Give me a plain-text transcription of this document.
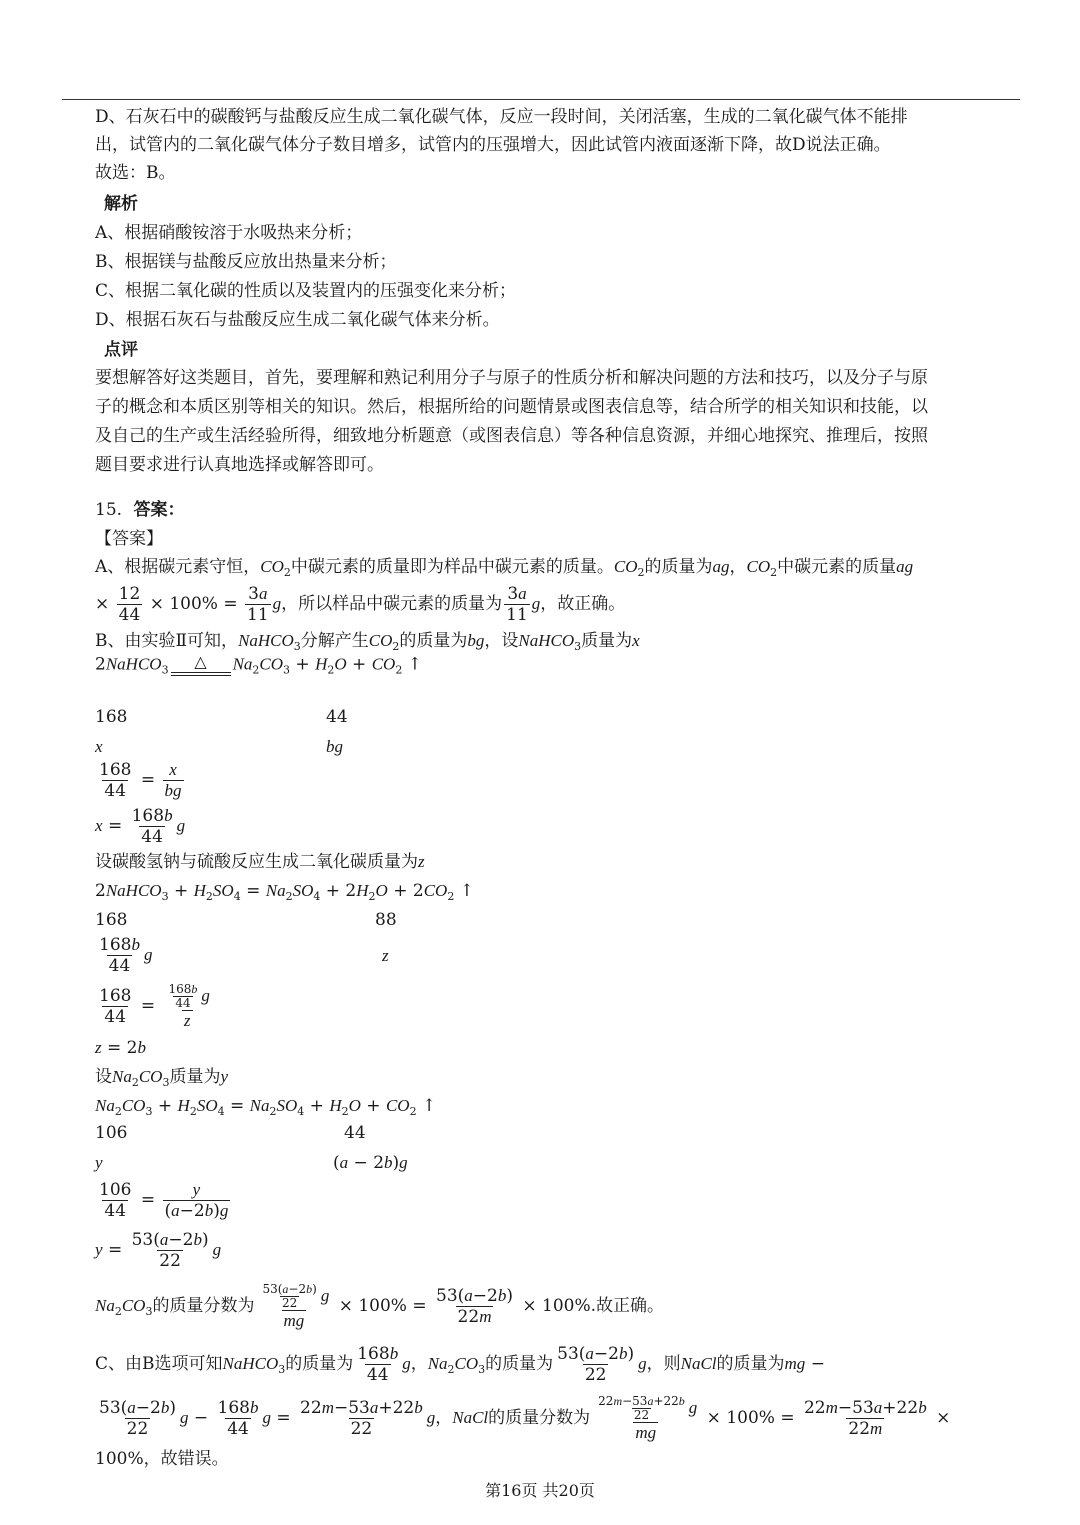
D、石灰石中的碳酸钙与盐酸反应生成二氧化碳气体，反应一段时间，关闭活塞，生成的二氧化碳气体不能排
出，试管内的二氧化碳气体分子数目增多，试管内的压强增大，因此试管内液面逐渐下降，故D说法正确。
故选：B。
解析
A、根据硝酸铵溶于水吸热来分析；
B、根据镁与盐酸反应放出热量来分析；
C、根据二氧化碳的性质以及装置内的压强变化来分析；
D、根据石灰石与盐酸反应生成二氧化碳气体来分析。
点评
要想解答好这类题目，首先，要理解和熟记利用分子与原子的性质分析和解决问题的方法和技巧，以及分子与原
子的概念和本质区别等相关的知识。然后，根据所给的问题情景或图表信息等，结合所学的相关知识和技能，以
及自己的生产或生活经验所得，细致地分析题意（或图表信息）等各种信息资源，并细心地探究、推理后，按照
题目要求进行认真地选择或解答即可。
15. 答案：
【答案】
A、根据碳元素守恒，$CO_2$中碳元素的质量即为样品中碳元素的质量。$CO_2$的质量为ag，$CO_2$中碳元素的质量ag
× $\frac{12}{44} \times 100\% = \frac{3a}{11}$ g，所以样品中碳元素的质量为 $\frac{3a}{11}$ g，故正确。
B、由实验Ⅱ可知，NaHCO$_3$分解产生$CO_2$的质量为bg，设NaHCO$_3$质量为x
2NaHCO$_3$ △ $Na_2CO_3 + H_2O + CO_2$ ↑
168	44
x	bg
$\frac{168}{44} = \frac{x}{bg}$
$x = \frac{168b}{44}$ g
设碳酸氢钠与硫酸反应生成二氧化碳质量为z
2NaHCO$_3$ + $H_2SO_4 = Na_2SO_4 + 2H_2O + 2CO_2$ ↑
168	88
$\frac{168b}{44}$ g	z
$\frac{168}{44} = \frac{\frac{168b}{44} g}{z}$
z = 2b
设$Na_2CO_3$质量为y
$Na_2CO_3 + H_2SO_4 = Na_2SO_4 + H_2O + CO_2$ ↑
106	44
y	(a − 2b)g
$\frac{106}{44} = \frac{y}{(a-2b)g}$
$y = \frac{53(a-2b)}{22}$ g
$Na_2CO_3$的质量分数为 $\frac{\frac{53(a-2b)}{22} g}{mg} \times 100\% = \frac{53(a-2b)}{22m} \times 100\%$.故正确。
C、由B选项可知NaHCO$_3$的质量为 $\frac{168b}{44}$ g，$Na_2CO_3$的质量为 $\frac{53(a-2b)}{22}$ g，则NaCl的质量为mg −
$\frac{53(a-2b)}{22}$ $g - \frac{168b}{44}$ $g = \frac{22m-53a+22b}{22}$ g，NaCl的质量分数为 $\frac{\frac{22m-53a+22b}{22} g}{mg} \times 100\% = \frac{22m-53a+22b}{22m}$ ×
100%，故错误。
第16页 共20页
